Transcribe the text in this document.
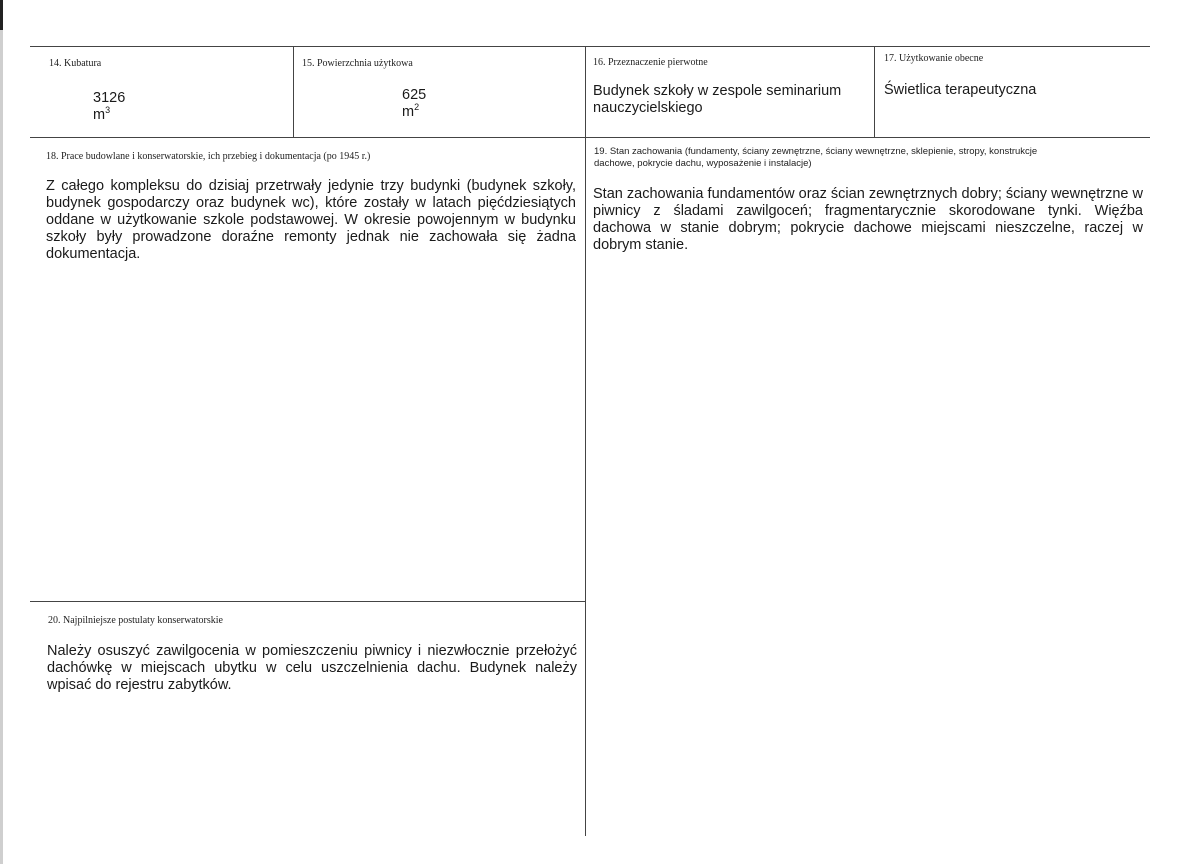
14. Kubatura
3126 $m^3$
15. Powierzchnia użytkowa
625 $m^2$
16. Przeznaczenie pierwotne
Budynek szkoły w zespole seminarium nauczycielskiego
17. Użytkowanie obecne
Świetlica terapeutyczna
18. Prace budowlane i konserwatorskie, ich przebieg i dokumentacja (po 1945 r.)
Z całego kompleksu do dzisiaj przetrwały jedynie trzy budynki (budynek szkoły, budynek gospodarczy oraz budynek wc), które zostały w latach pięćdziesiątych oddane w użytkowanie szkole podstawowej. W okresie powojennym w budynku szkoły były prowadzone doraźne remonty jednak nie zachowała się żadna dokumentacja.
19. Stan zachowania (fundamenty, ściany zewnętrzne, ściany wewnętrzne, sklepienie, stropy, konstrukcje dachowe, pokrycie dachu, wyposażenie i instalacje)
Stan zachowania fundamentów oraz ścian zewnętrznych dobry; ściany wewnętrzne w piwnicy z śladami zawilgoceń; fragmentarycznie skorodowane tynki. Więźba dachowa w stanie dobrym; pokrycie dachowe miejscami nieszczelne, raczej w dobrym stanie.
20. Najpilniejsze postulaty konserwatorskie
Należy osuszyć zawilgocenia w pomieszczeniu piwnicy i niezwłocznie przełożyć dachówkę w miejscach ubytku w celu uszczelnienia dachu. Budynek należy wpisać do rejestru zabytków.
